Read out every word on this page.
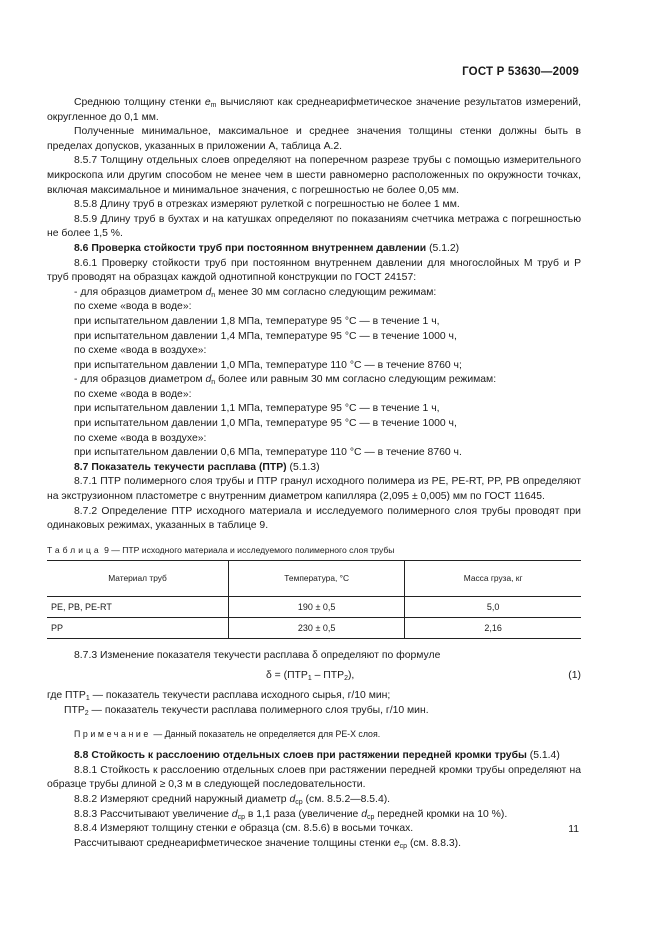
ГОСТ Р 53630—2009

Среднюю толщину стенки $e_m$ вычисляют как среднеарифметическое значение результатов измерений, округленное до 0,1 мм.

Полученные минимальное, максимальное и среднее значения толщины стенки должны быть в пределах допусков, указанных в приложении А, таблица А.2.

8.5.7 Толщину отдельных слоев определяют на поперечном разрезе трубы с помощью измерительного микроскопа или другим способом не менее чем в шести равномерно расположенных по окружности точках, включая максимальное и минимальное значения, с погрешностью не более 0,05 мм.

8.5.8 Длину труб в отрезках измеряют рулеткой с погрешностью не более 1 мм.

8.5.9 Длину труб в бухтах и на катушках определяют по показаниям счетчика метража с погрешностью не более 1,5 %.

8.6 Проверка стойкости труб при постоянном внутреннем давлении (5.1.2)

8.6.1 Проверку стойкости труб при постоянном внутреннем давлении для многослойных М труб и Р труб проводят на образцах каждой однотипной конструкции по ГОСТ 24157:

- для образцов диаметром $d_n$ менее 30 мм согласно следующим режимам:

по схеме «вода в воде»:

при испытательном давлении 1,8 МПа, температуре 95 °С — в течение 1 ч,

при испытательном давлении 1,4 МПа, температуре 95 °С — в течение 1000 ч,

по схеме «вода в воздухе»:

при испытательном давлении 1,0 МПа, температуре 110 °С — в течение 8760 ч;

- для образцов диаметром $d_n$ более или равным 30 мм согласно следующим режимам:

по схеме «вода в воде»:

при испытательном давлении 1,1 МПа, температуре 95 °С — в течение 1 ч,

при испытательном давлении 1,0 МПа, температуре 95 °С — в течение 1000 ч,

по схеме «вода в воздухе»:

при испытательном давлении 0,6 МПа, температуре 110 °С — в течение 8760 ч.

8.7 Показатель текучести расплава (ПТР) (5.1.3)

8.7.1 ПТР полимерного слоя трубы и ПТР гранул исходного полимера из PE, PE-RT, PP, PB определяют на экструзионном пластометре с внутренним диаметром капилляра (2,095 ± 0,005) мм по ГОСТ 11645.

8.7.2 Определение ПТР исходного материала и исследуемого полимерного слоя трубы проводят при одинаковых режимах, указанных в таблице 9.

Таблица 9 — ПТР исходного материала и исследуемого полимерного слоя трубы

Материал труб	Температура, °С	Масса груза, кг
PE, PB, PE-RT	190 ± 0,5	5,0
PP	230 ± 0,5	2,16

8.7.3 Изменение показателя текучести расплава δ определяют по формуле

$\delta = (ПТР_1 - ПТР_2)$,	(1)

где $ПТР_1$ — показатель текучести расплава исходного сырья, г/10 мин;

$ПТР_2$ — показатель текучести расплава полимерного слоя трубы, г/10 мин.

Примечание — Данный показатель не определяется для PE-X слоя.

8.8 Стойкость к расслоению отдельных слоев при растяжении передней кромки трубы (5.1.4)

8.8.1 Стойкость к расслоению отдельных слоев при растяжении передней кромки трубы определяют на образце трубы длиной ≥ 0,3 м в следующей последовательности.

8.8.2 Измеряют средний наружный диаметр $d_{ср}$ (см. 8.5.2—8.5.4).

8.8.3 Рассчитывают увеличение $d_{ср}$ в 1,1 раза (увеличение $d_{ср}$ передней кромки на 10 %).

8.8.4 Измеряют толщину стенки e образца (см. 8.5.6) в восьми точках.

Рассчитывают среднеарифметическое значение толщины стенки $e_{ср}$ (см. 8.8.3).

11
